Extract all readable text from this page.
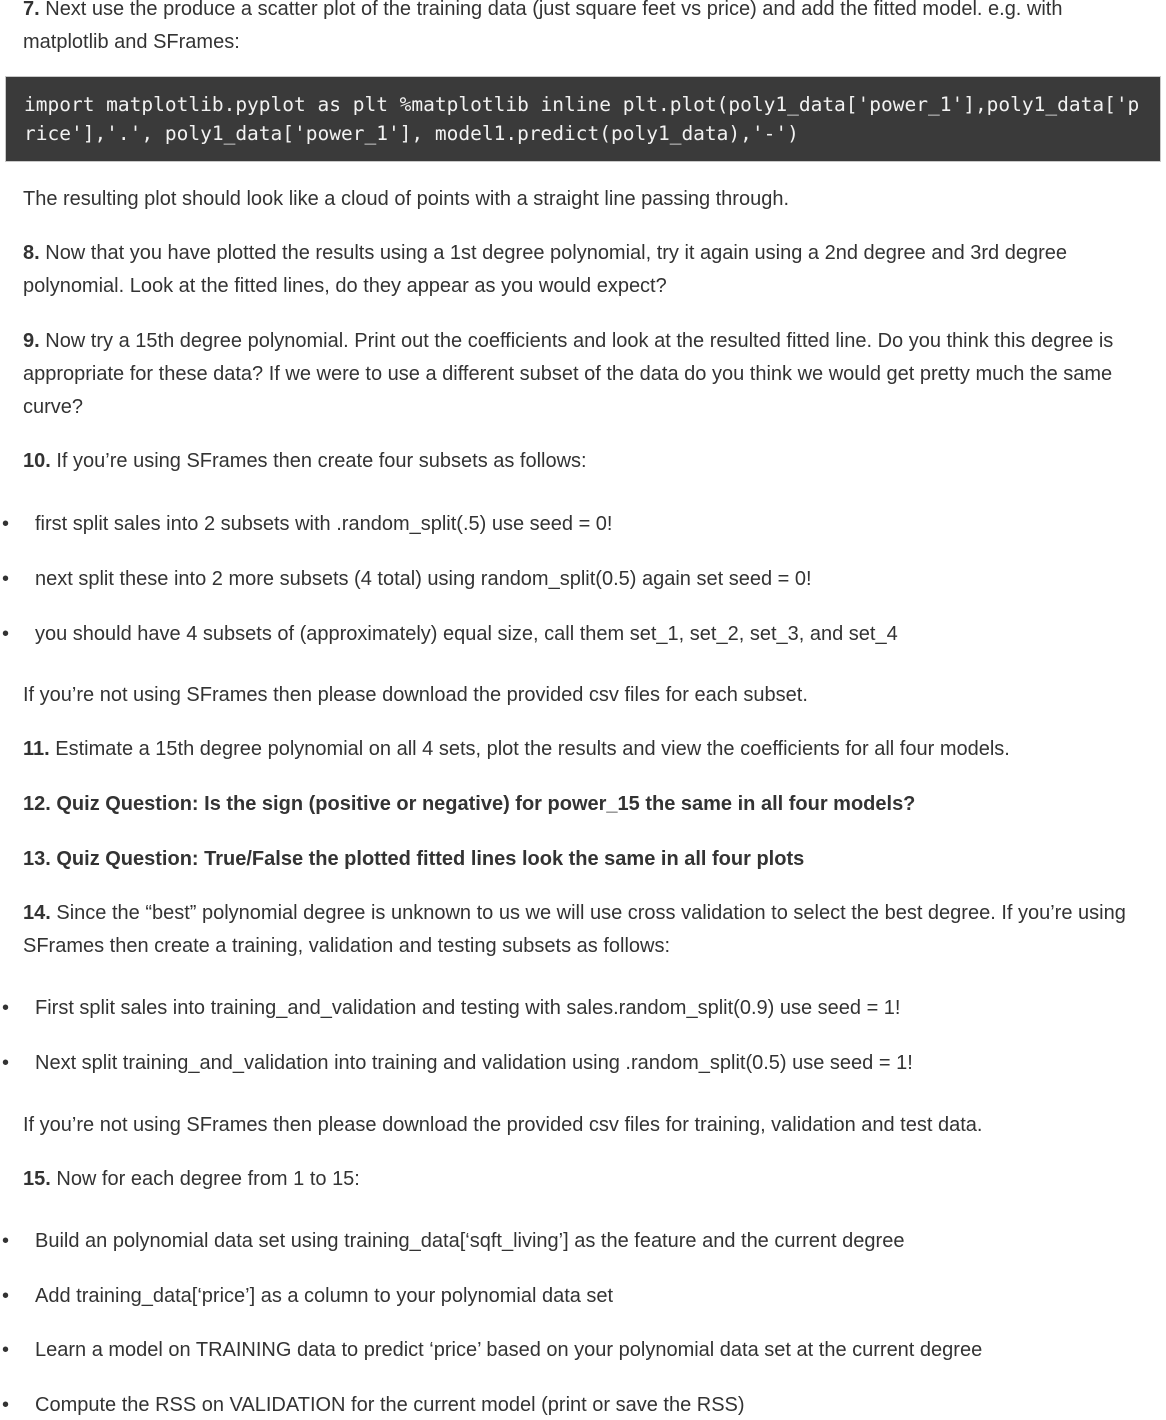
7. Next use the produce a scatter plot of the training data (just square feet vs price) and add the fitted model. e.g. with matplotlib and SFrames:

import matplotlib.pyplot as plt %matplotlib inline plt.plot(poly1_data['power_1'],poly1_data['price'],'.', poly1_data['power_1'], model1.predict(poly1_data),'-')

The resulting plot should look like a cloud of points with a straight line passing through.

8. Now that you have plotted the results using a 1st degree polynomial, try it again using a 2nd degree and 3rd degree polynomial. Look at the fitted lines, do they appear as you would expect?

9. Now try a 15th degree polynomial. Print out the coefficients and look at the resulted fitted line. Do you think this degree is appropriate for these data? If we were to use a different subset of the data do you think we would get pretty much the same curve?

10. If you’re using SFrames then create four subsets as follows:

• first split sales into 2 subsets with .random_split(.5) use seed = 0!
• next split these into 2 more subsets (4 total) using random_split(0.5) again set seed = 0!
• you should have 4 subsets of (approximately) equal size, call them set_1, set_2, set_3, and set_4

If you’re not using SFrames then please download the provided csv files for each subset.

11. Estimate a 15th degree polynomial on all 4 sets, plot the results and view the coefficients for all four models.

12. Quiz Question: Is the sign (positive or negative) for power_15 the same in all four models?

13. Quiz Question: True/False the plotted fitted lines look the same in all four plots

14. Since the “best” polynomial degree is unknown to us we will use cross validation to select the best degree. If you’re using SFrames then create a training, validation and testing subsets as follows:

• First split sales into training_and_validation and testing with sales.random_split(0.9) use seed = 1!
• Next split training_and_validation into training and validation using .random_split(0.5) use seed = 1!

If you’re not using SFrames then please download the provided csv files for training, validation and test data.

15. Now for each degree from 1 to 15:

• Build an polynomial data set using training_data[‘sqft_living’] as the feature and the current degree
• Add training_data[‘price’] as a column to your polynomial data set
• Learn a model on TRAINING data to predict ‘price’ based on your polynomial data set at the current degree
• Compute the RSS on VALIDATION for the current model (print or save the RSS)
